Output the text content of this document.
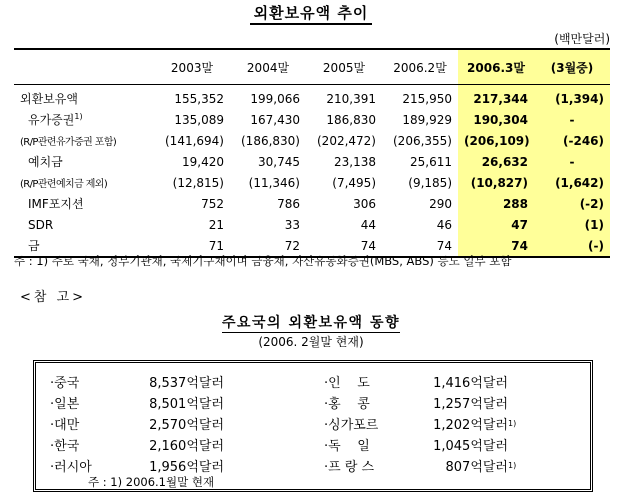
외환보유액 추이
(백만달러)
	2003말	2004말	2005말	2006.2말	2006.3말	(3월중)
외환보유액	155,352	199,066	210,391	215,950	217,344	(1,394)
유가증권$^{1)}$	135,089	167,430	186,830	189,929	190,304	-
(R/P관련유가증권 포함)	(141,694)	(186,830)	(202,472)	(206,355)	(206,109)	(-246)
예치금	19,420	30,745	23,138	25,611	26,632	-
(R/P관련예치금 제외)	(12,815)	(11,346)	(7,495)	(9,185)	(10,827)	(1,642)
IMF포지션	752	786	306	290	288	(-2)
SDR	21	33	44	46	47	(1)
금	71	72	74	74	74	(-)
주 : 1) 주로 국채, 정부기관채, 국제기구채이며 금융채, 자산유동화증권(MBS, ABS) 등도 일부 포함
<참 고>
주요국의 외환보유액 동향
(2006. 2월말 현재)
·중국	8,537억달러
·일본	8,501억달러
·대만	2,570억달러
·한국	2,160억달러
·러시아	1,956억달러
·인    도	1,416억달러
·홍    콩	1,257억달러
·싱가포르	1,202억달러 1)
·독    일	1,045억달러
·프 랑 스	807억달러 1)
주 : 1) 2006.1월말 현재
